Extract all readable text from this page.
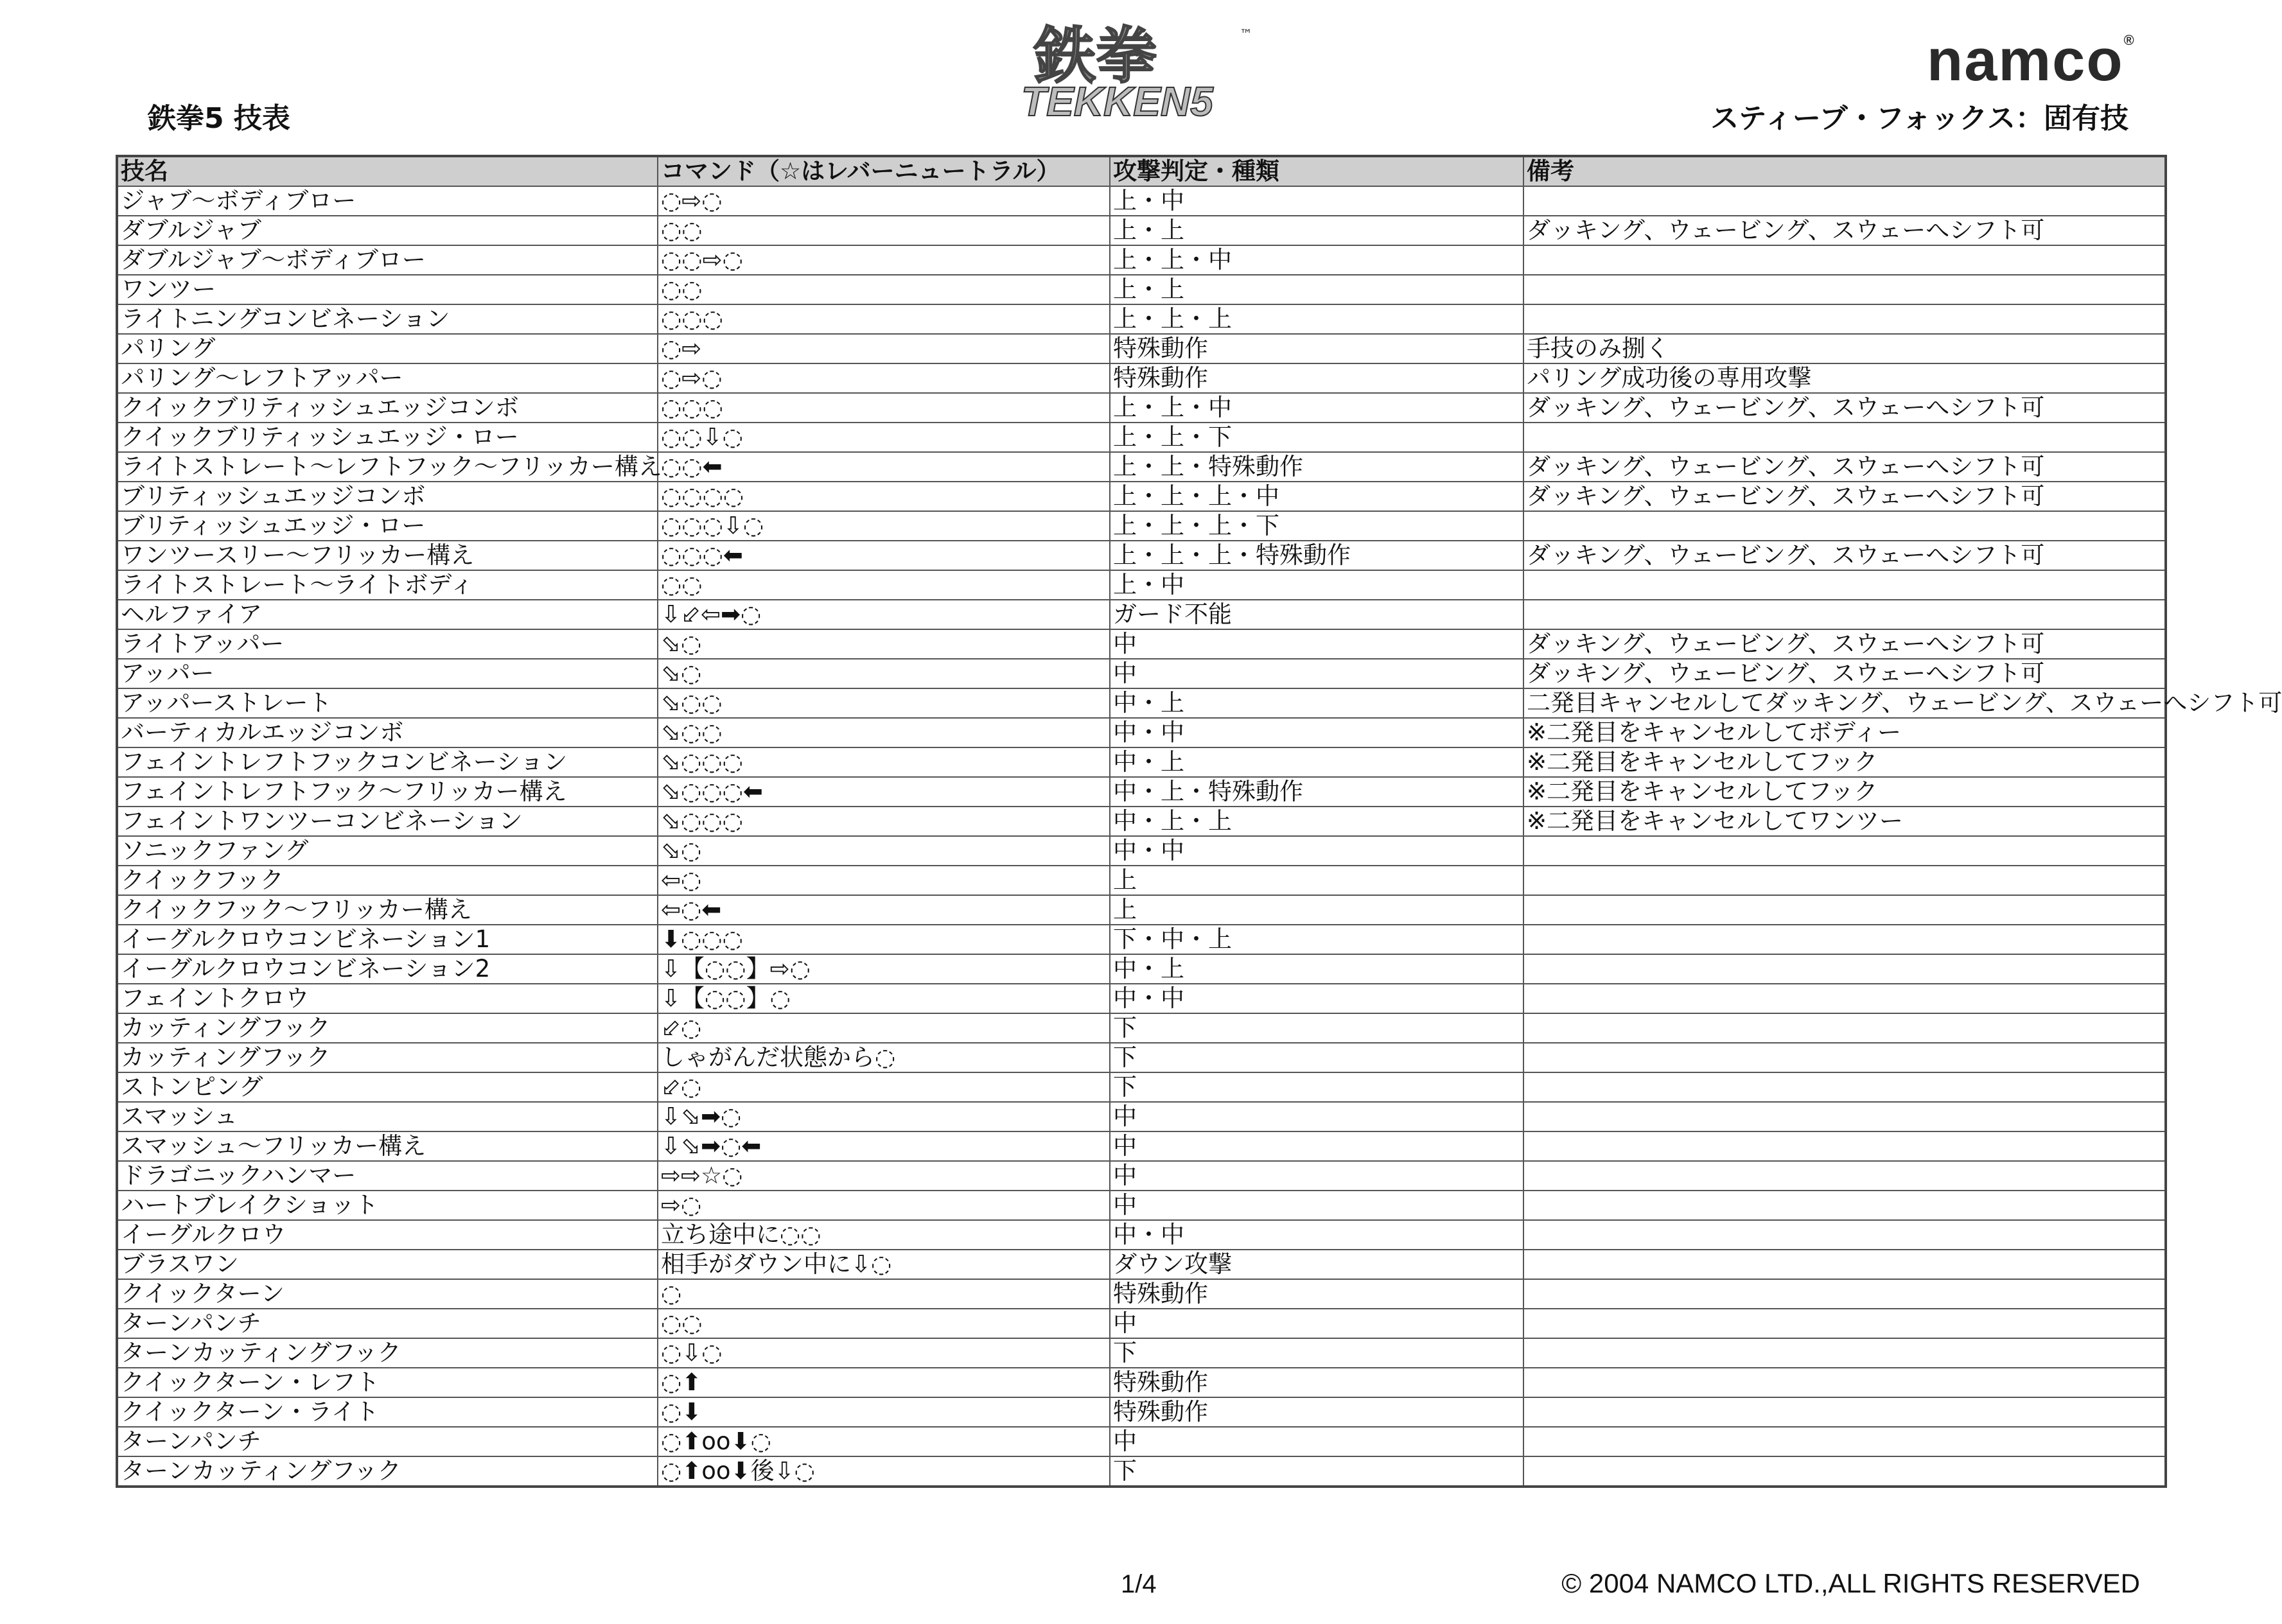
鉄拳5 技表
鉄拳
TEKKEN5
™	namco®
スティーブ・フォックス：固有技
技名	コマンド（☆はレバーニュートラル）	攻撃判定・種類	備考
ジャブ～ボディブロー	◌⇨◌	上・中	
ダブルジャブ	◌◌	上・上	ダッキング、ウェービング、スウェーへシフト可
ダブルジャブ～ボディブロー	◌◌⇨◌	上・上・中	
ワンツー	◌◌	上・上	
ライトニングコンビネーション	◌◌◌	上・上・上	
パリング	◌⇨	特殊動作	手技のみ捌く
パリング～レフトアッパー	◌⇨◌	特殊動作	パリング成功後の専用攻撃
クイックブリティッシュエッジコンボ	◌◌◌	上・上・中	ダッキング、ウェービング、スウェーへシフト可
クイックブリティッシュエッジ・ロー	◌◌⇩◌	上・上・下	
ライトストレート～レフトフック～フリッカー構え	◌◌⬅	上・上・特殊動作	ダッキング、ウェービング、スウェーへシフト可
ブリティッシュエッジコンボ	◌◌◌◌	上・上・上・中	ダッキング、ウェービング、スウェーへシフト可
ブリティッシュエッジ・ロー	◌◌◌⇩◌	上・上・上・下	
ワンツースリー～フリッカー構え	◌◌◌⬅	上・上・上・特殊動作	ダッキング、ウェービング、スウェーへシフト可
ライトストレート～ライトボディ	◌◌	上・中	
ヘルファイア	⇩⬃⇦➡◌	ガード不能	
ライトアッパー	⬂◌	中	ダッキング、ウェービング、スウェーへシフト可
アッパー	⬂◌	中	ダッキング、ウェービング、スウェーへシフト可
アッパーストレート	⬂◌◌	中・上	二発目キャンセルしてダッキング、ウェービング、スウェーへシフト可
バーティカルエッジコンボ	⬂◌◌	中・中	※二発目をキャンセルしてボディー
フェイントレフトフックコンビネーション	⬂◌◌◌	中・上	※二発目をキャンセルしてフック
フェイントレフトフック～フリッカー構え	⬂◌◌◌⬅	中・上・特殊動作	※二発目をキャンセルしてフック
フェイントワンツーコンビネーション	⬂◌◌◌	中・上・上	※二発目をキャンセルしてワンツー
ソニックファング	⬂◌	中・中	
クイックフック	⇦◌	上	
クイックフック～フリッカー構え	⇦◌⬅	上	
イーグルクロウコンビネーション1	⬇◌◌◌	下・中・上	
イーグルクロウコンビネーション2	⇩【◌◌】⇨◌	中・上	
フェイントクロウ	⇩【◌◌】◌	中・中	
カッティングフック	⬃◌	下	
カッティングフック	しゃがんだ状態から◌	下	
ストンピング	⬃◌	下	
スマッシュ	⇩⬂➡◌	中	
スマッシュ～フリッカー構え	⇩⬂➡◌⬅	中	
ドラゴニックハンマー	⇨⇨☆◌	中	
ハートブレイクショット	⇨◌	中	
イーグルクロウ	立ち途中に◌◌	中・中	
ブラスワン	相手がダウン中に⇩◌	ダウン攻撃	
クイックターン	◌	特殊動作	
ターンパンチ	◌◌	中	
ターンカッティングフック	◌⇩◌	下	
クイックターン・レフト	◌⬆	特殊動作	
クイックターン・ライト	◌⬇	特殊動作	
ターンパンチ	◌⬆oo⬇◌	中	
ターンカッティングフック	◌⬆oo⬇後⇩◌	下	
1/4	© 2004 NAMCO LTD.,ALL RIGHTS RESERVED
